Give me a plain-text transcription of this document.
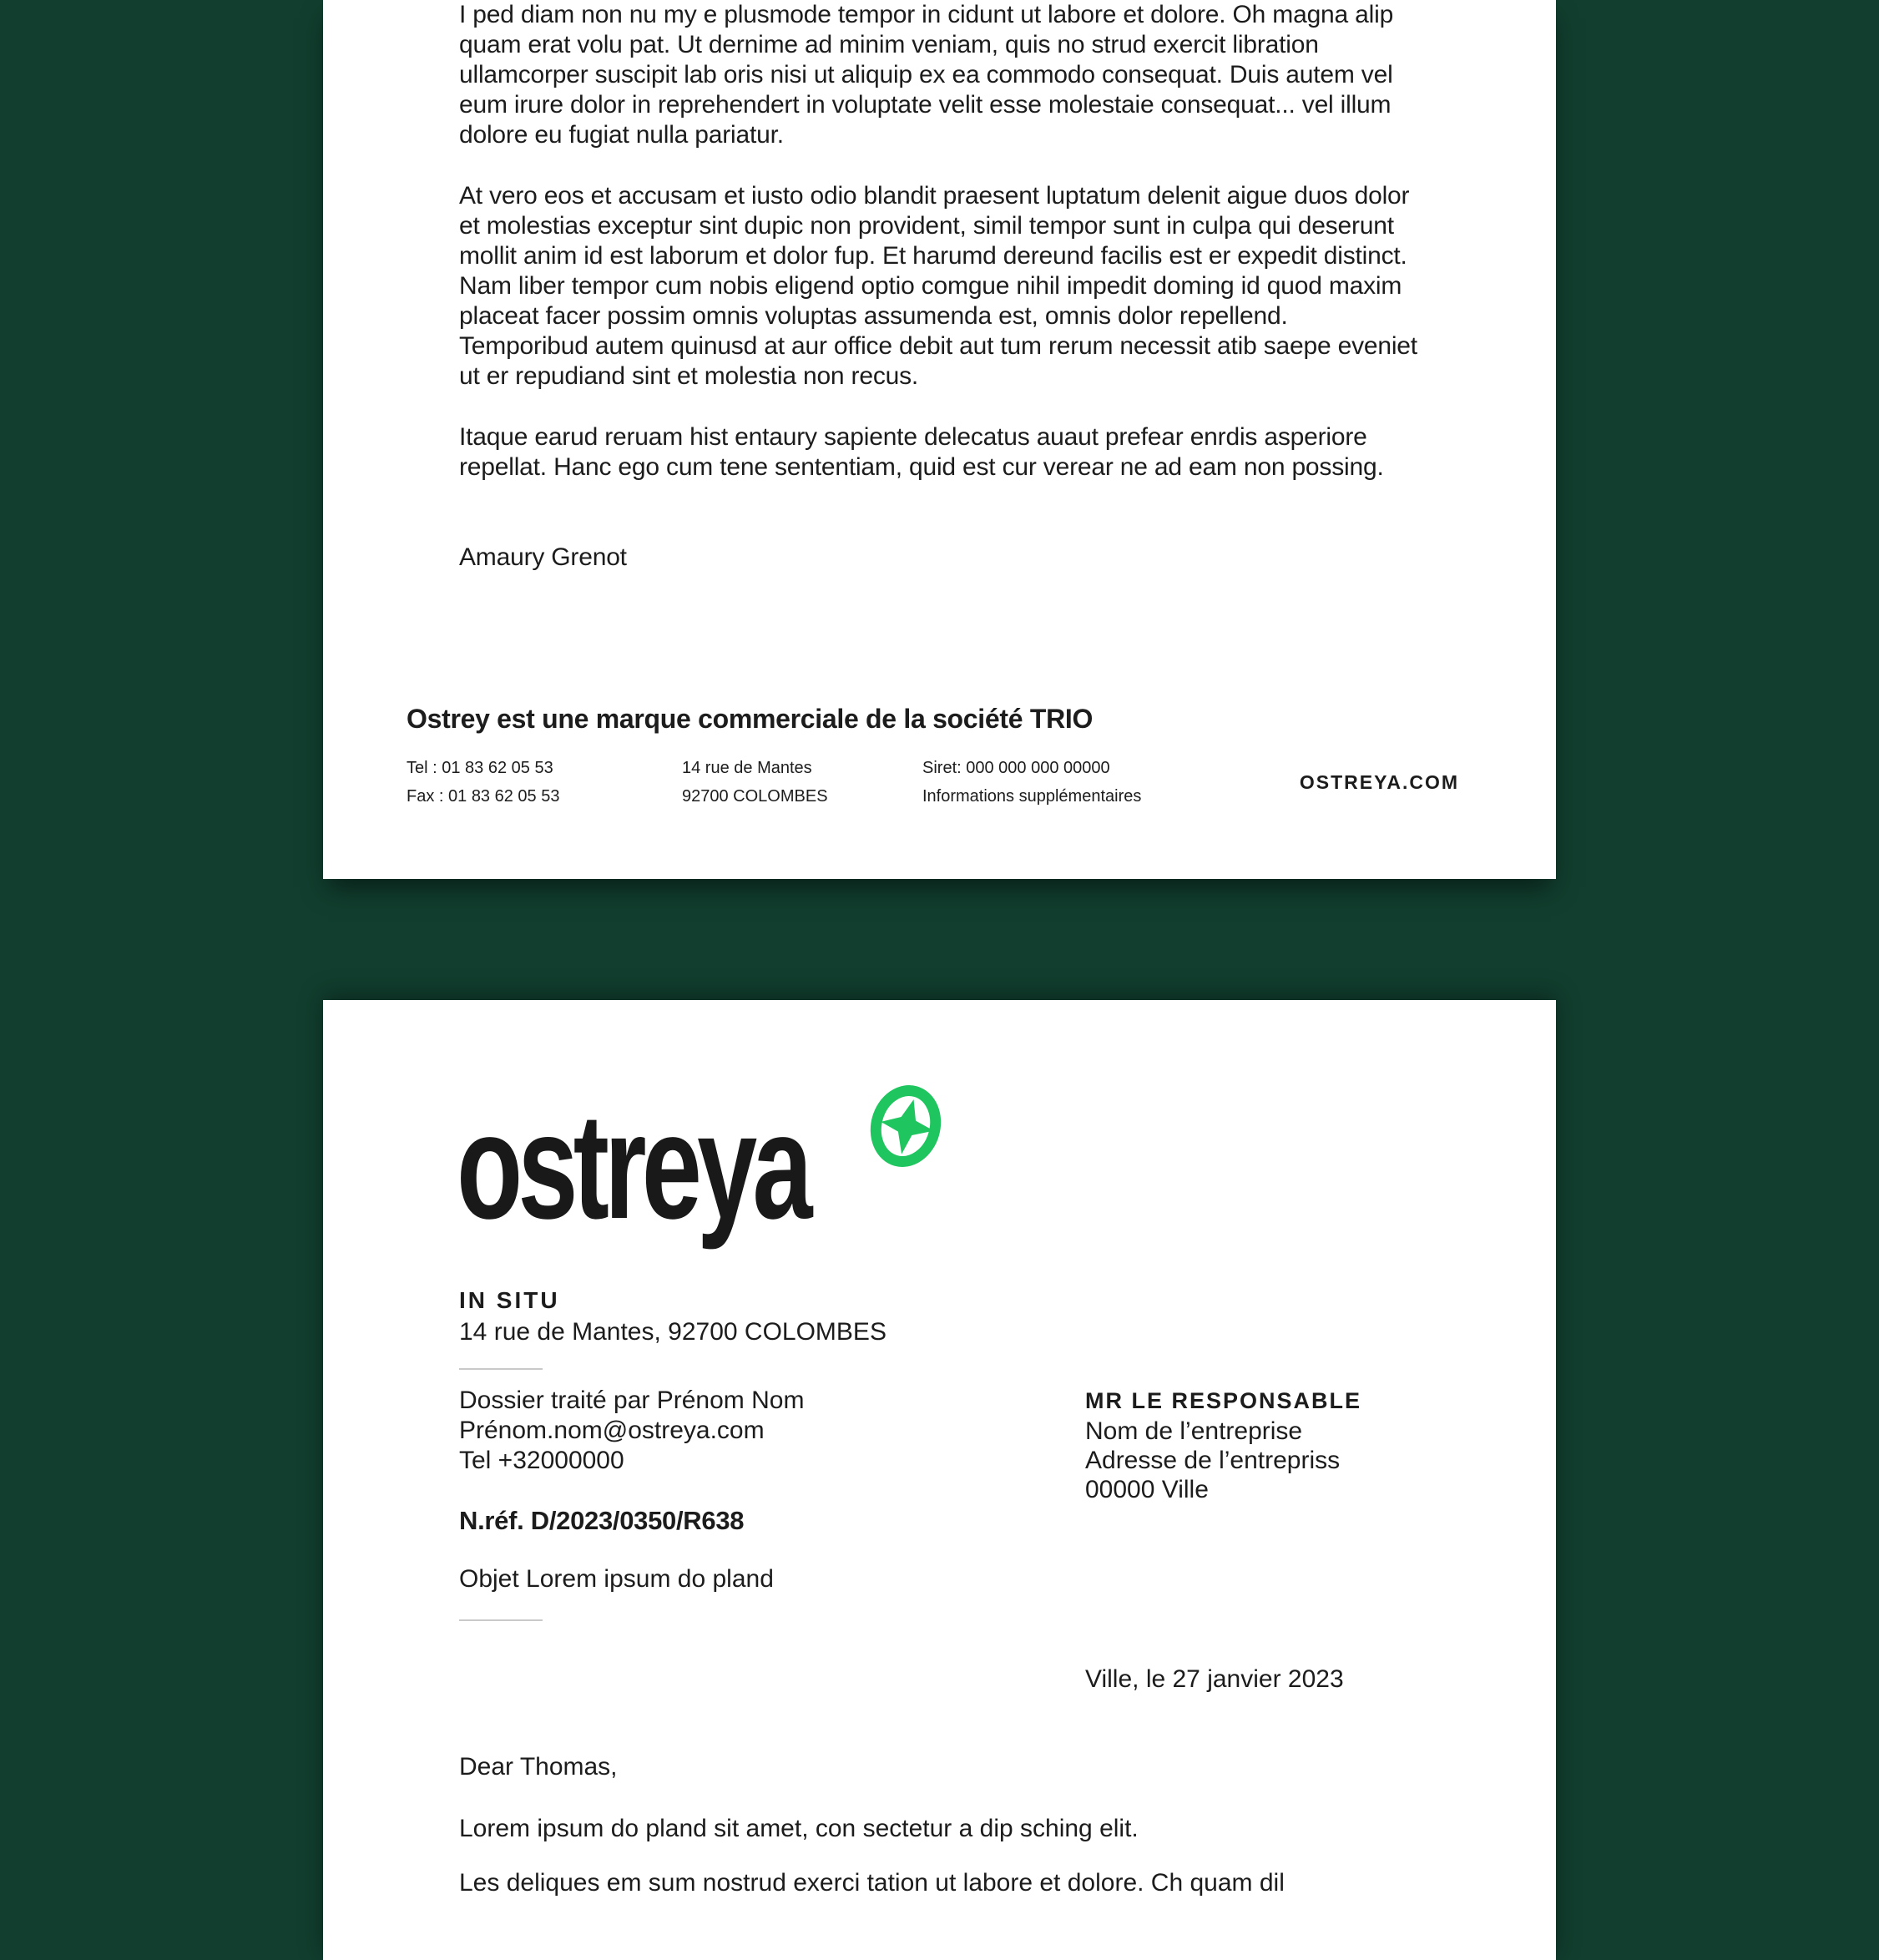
I ped diam non nu my e plusmode tempor in cidunt ut labore et dolore. Oh magna alip quam erat volu pat. Ut dernime ad minim veniam, quis no strud exercit libration ullamcorper suscipit lab oris nisi ut aliquip ex ea commodo consequat. Duis autem vel eum irure dolor in reprehendert in voluptate velit esse molestaie consequat... vel illum dolore eu fugiat nulla pariatur.

At vero eos et accusam et iusto odio blandit praesent luptatum delenit aigue duos dolor et molestias exceptur sint dupic non provident, simil tempor sunt in culpa qui deserunt mollit anim id est laborum et dolor fup. Et harumd dereund facilis est er expedit distinct. Nam liber tempor cum nobis eligend optio comgue nihil impedit doming id quod maxim placeat facer possim omnis voluptas assumenda est, omnis dolor repellend. Temporibud autem quinusd at aur office debit aut tum rerum necessit atib saepe eveniet ut er repudiand sint et molestia non recus.

Itaque earud reruam hist entaury sapiente delecatus auaut prefear enrdis asperiore repellat. Hanc ego cum tene sententiam, quid est cur verear ne ad eam non possing.

Amaury Grenot
Ostrey est une marque commerciale de la société TRIO
Tel : 01 83 62 05 53
Fax : 01 83 62 05 53
14 rue de Mantes
92700 COLOMBES
Siret: 000 000 000 00000
Informations supplémentaires
OSTREYA.COM
ostreya
IN SITU
14 rue de Mantes, 92700 COLOMBES
Dossier traité par Prénom Nom
Prénom.nom@ostreya.com
Tel +32000000
MR LE RESPONSABLE
Nom de l’entreprise
Adresse de l’entrepriss
00000 Ville
N.réf. D/2023/0350/R638
Objet Lorem ipsum do pland
Ville, le 27 janvier 2023
Dear Thomas,
Lorem ipsum do pland sit amet, con sectetur a dip sching elit.
Les deliques em sum nostrud exerci tation ut labore et dolore. Ch quam dil
